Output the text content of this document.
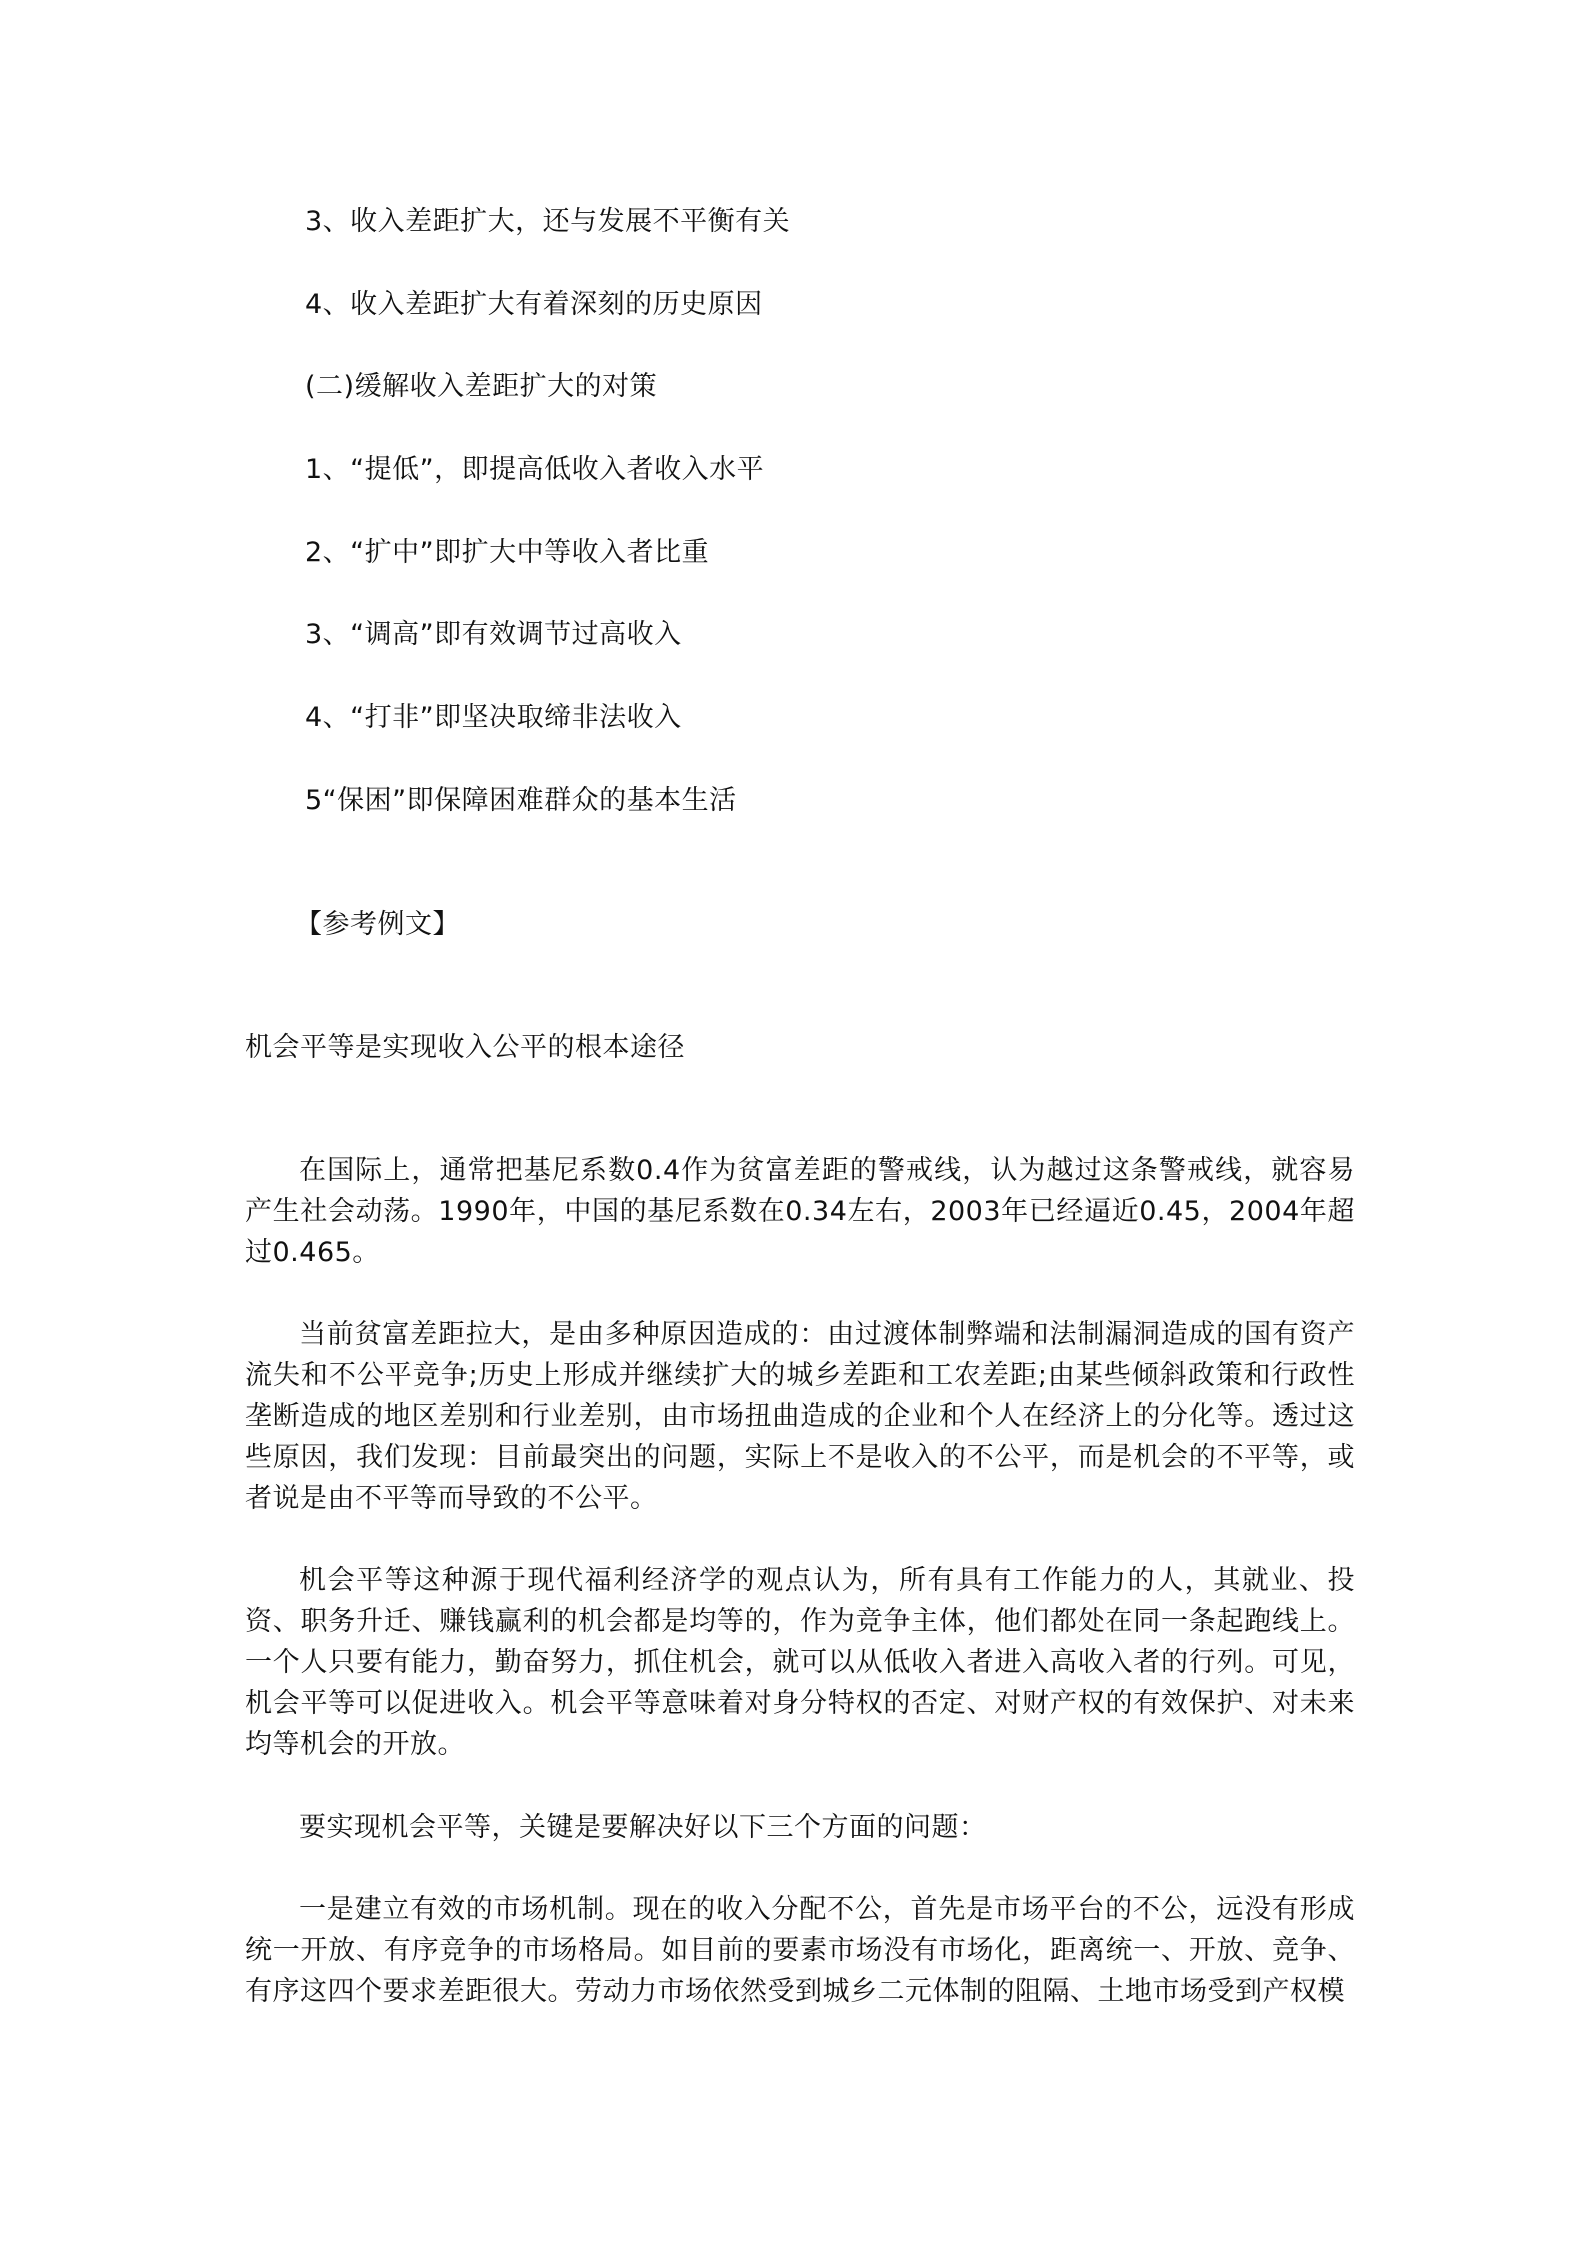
3、收入差距扩大，还与发展不平衡有关
4、收入差距扩大有着深刻的历史原因
(二)缓解收入差距扩大的对策
1、“提低”，即提高低收入者收入水平
2、“扩中”即扩大中等收入者比重
3、“调高”即有效调节过高收入
4、“打非”即坚决取缔非法收入
5“保困”即保障困难群众的基本生活
【参考例文】
机会平等是实现收入公平的根本途径

在国际上，通常把基尼系数0.4作为贫富差距的警戒线，认为越过这条警戒线，就容易产生社会动荡。1990年，中国的基尼系数在0.34左右，2003年已经逼近0.45，2004年超过0.465。

当前贫富差距拉大，是由多种原因造成的：由过渡体制弊端和法制漏洞造成的国有资产流失和不公平竞争;历史上形成并继续扩大的城乡差距和工农差距;由某些倾斜政策和行政性垄断造成的地区差别和行业差别，由市场扭曲造成的企业和个人在经济上的分化等。透过这些原因，我们发现：目前最突出的问题，实际上不是收入的不公平，而是机会的不平等，或者说是由不平等而导致的不公平。

机会平等这种源于现代福利经济学的观点认为，所有具有工作能力的人，其就业、投资、职务升迁、赚钱赢利的机会都是均等的，作为竞争主体，他们都处在同一条起跑线上。一个人只要有能力，勤奋努力，抓住机会，就可以从低收入者进入高收入者的行列。可见，机会平等可以促进收入。机会平等意味着对身分特权的否定、对财产权的有效保护、对未来均等机会的开放。

要实现机会平等，关键是要解决好以下三个方面的问题：

一是建立有效的市场机制。现在的收入分配不公，首先是市场平台的不公，远没有形成统一开放、有序竞争的市场格局。如目前的要素市场没有市场化，距离统一、开放、竞争、有序这四个要求差距很大。劳动力市场依然受到城乡二元体制的阻隔、土地市场受到产权模
